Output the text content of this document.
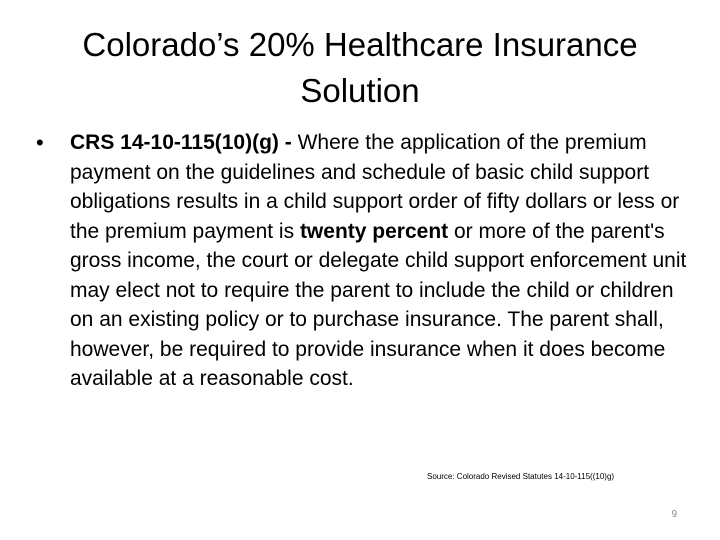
Colorado’s 20% Healthcare Insurance
Solution
•	CRS 14-10-115(10)(g) - Where the application of the premium payment on the guidelines and schedule of basic child support obligations results in a child support order of fifty dollars or less or the premium payment is twenty percent or more of the parent's gross income, the court or delegate child support enforcement unit may elect not to require the parent to include the child or children on an existing policy or to purchase insurance. The parent shall, however, be required to provide insurance when it does become available at a reasonable cost.
Source: Colorado Revised Statutes 14-10-115((10)g)
9
